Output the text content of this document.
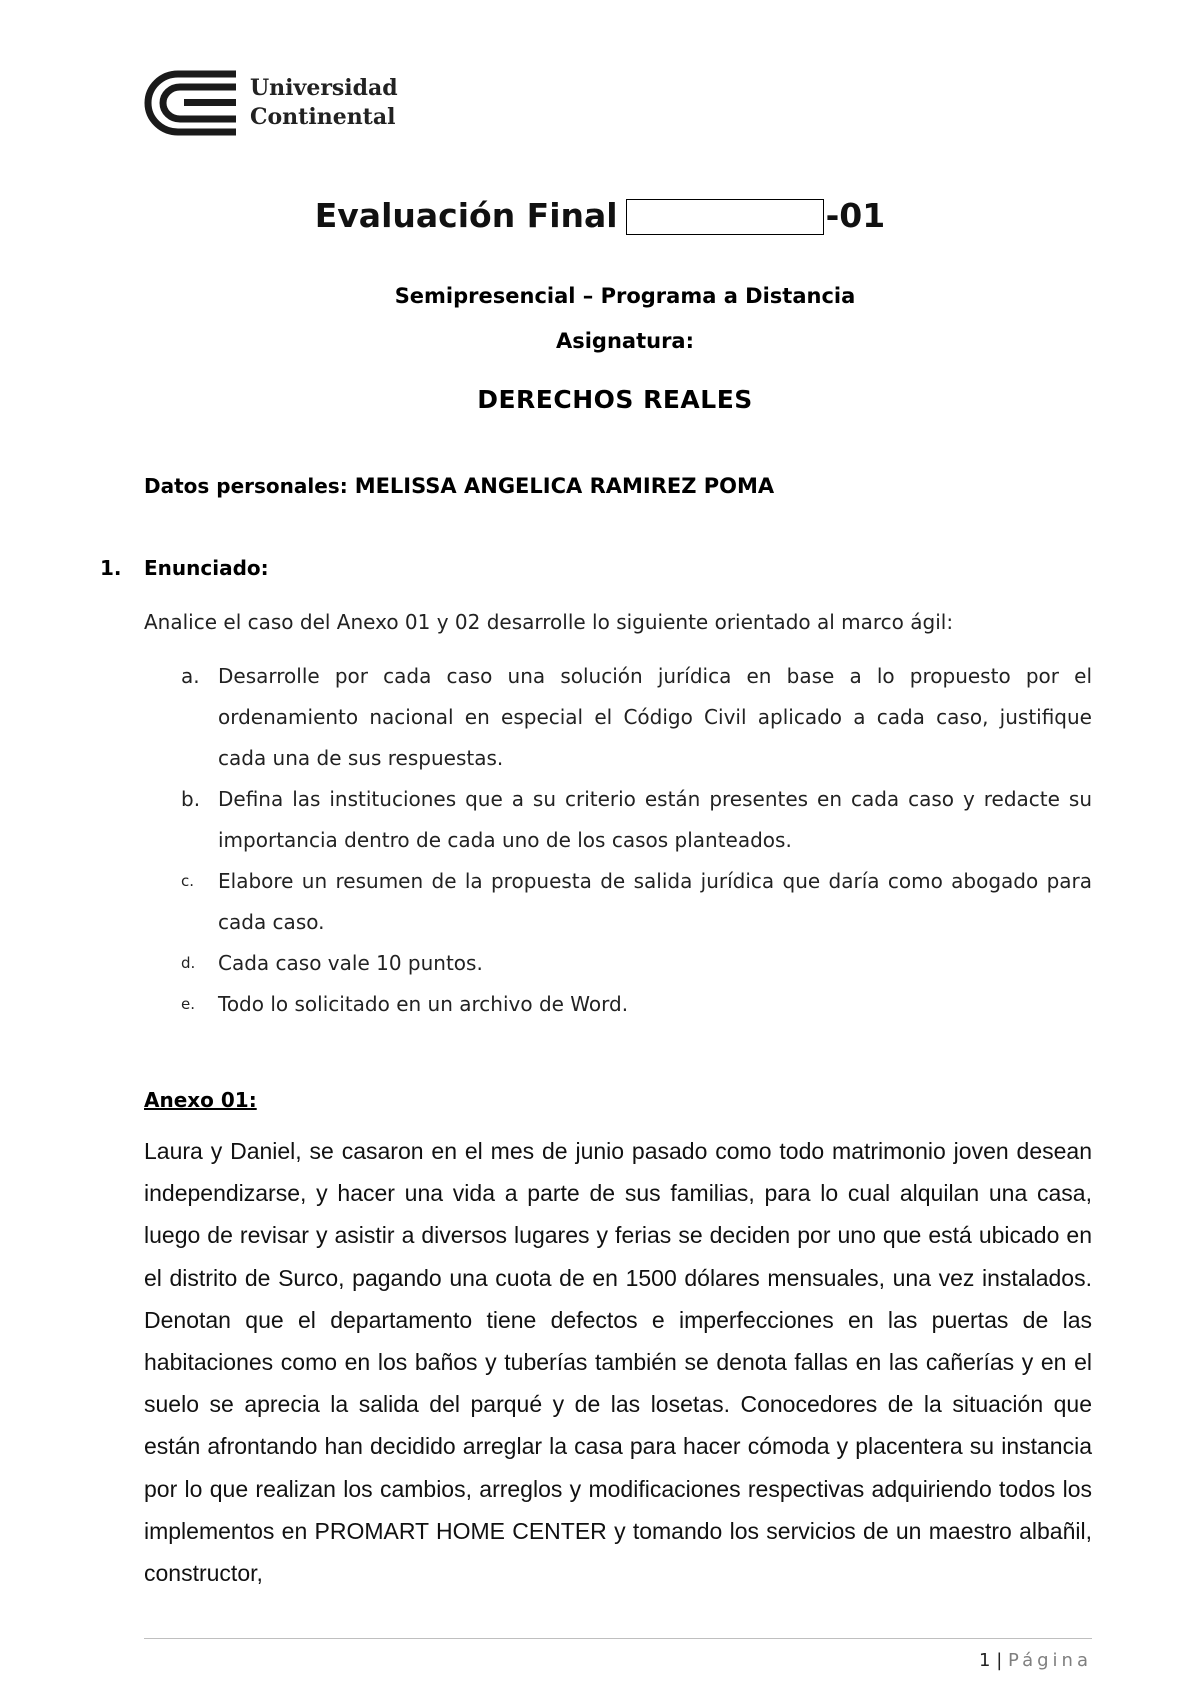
Universidad
Continental
Evaluación Final	-01
Semipresencial – Programa a Distancia
Asignatura:
DERECHOS REALES
Datos personales: MELISSA ANGELICA RAMIREZ POMA
1. Enunciado:
Analice el caso del Anexo 01 y 02 desarrolle lo siguiente orientado al marco ágil:
a. Desarrolle por cada caso una solución jurídica en base a lo propuesto por el ordenamiento nacional en especial el Código Civil aplicado a cada caso, justifique cada una de sus respuestas.
b. Defina las instituciones que a su criterio están presentes en cada caso y redacte su importancia dentro de cada uno de los casos planteados.
c.	Elabore un resumen de la propuesta de salida jurídica que daría como abogado para cada caso.
d.	Cada caso vale 10 puntos.
e.	Todo lo solicitado en un archivo de Word.
Anexo 01:
Laura y Daniel, se casaron en el mes de junio pasado como todo matrimonio joven desean independizarse, y hacer una vida a parte de sus familias, para lo cual alquilan una casa, luego de revisar y asistir a diversos lugares y ferias se deciden por uno que está ubicado en el distrito de Surco, pagando una cuota de en 1500 dólares mensuales, una vez instalados. Denotan que el departamento tiene defectos e imperfecciones en las puertas de las habitaciones como en los baños y tuberías también se denota fallas en las cañerías y en el suelo se aprecia la salida del parqué y de las losetas. Conocedores de la situación que están afrontando han decidido arreglar la casa para hacer cómoda y placentera su instancia por lo que realizan los cambios, arreglos y modificaciones respectivas adquiriendo todos los implementos en PROMART HOME CENTER y tomando los servicios de un maestro albañil, constructor,
1 | Página
